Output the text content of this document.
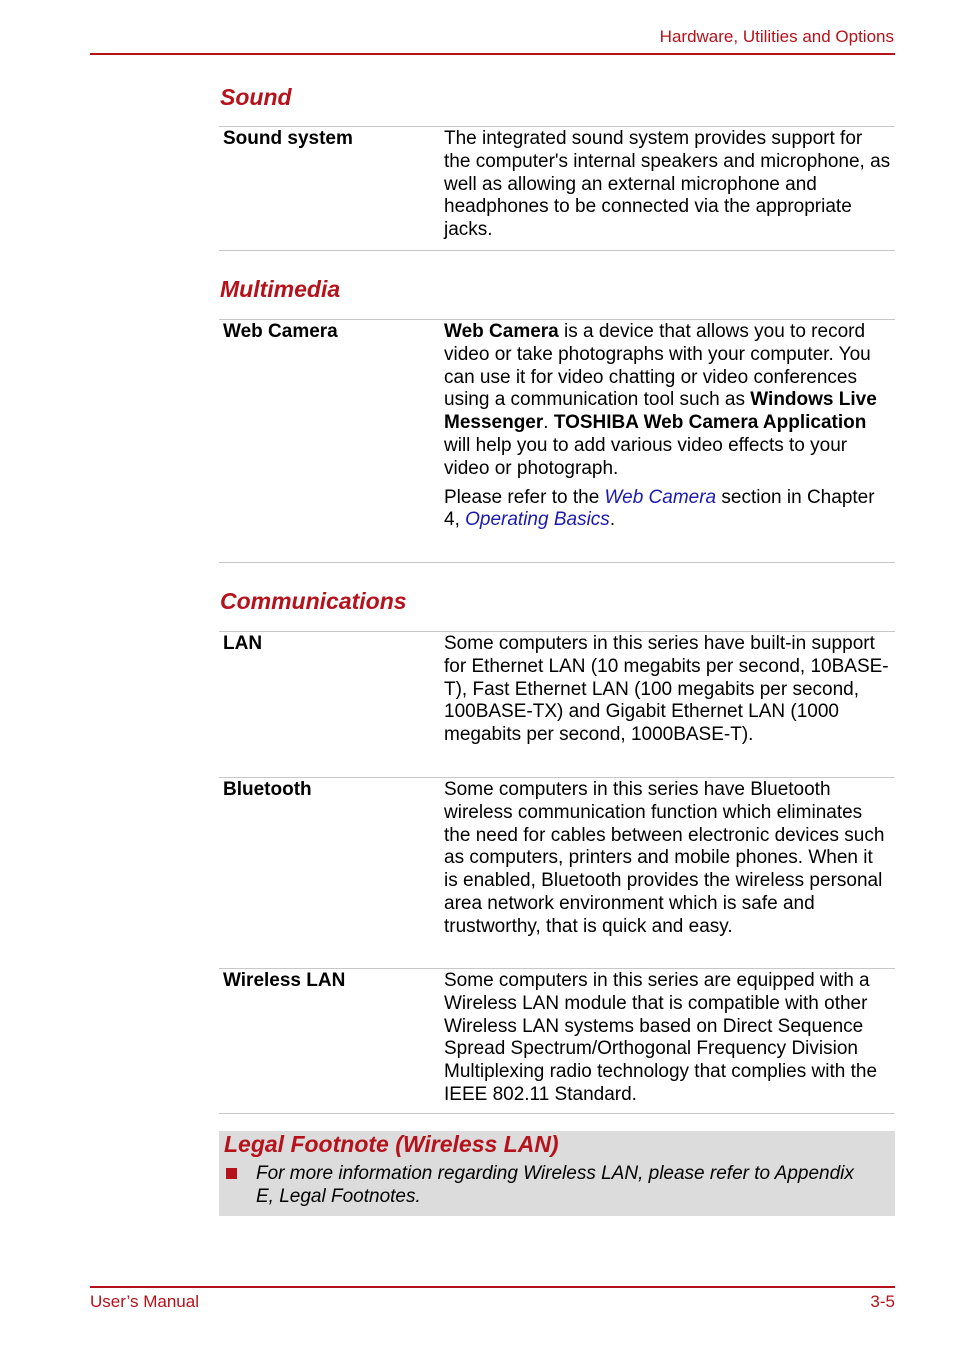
Hardware, Utilities and Options
Sound
Sound system	The integrated sound system provides support for the computer's internal speakers and microphone, as well as allowing an external microphone and headphones to be connected via the appropriate jacks.

Multimedia
Web Camera	Web Camera is a device that allows you to record video or take photographs with your computer. You can use it for video chatting or video conferences using a communication tool such as Windows Live Messenger. TOSHIBA Web Camera Application will help you to add various video effects to your video or photograph.

Please refer to the Web Camera section in Chapter 4, Operating Basics.

Communications
LAN	Some computers in this series have built-in support for Ethernet LAN (10 megabits per second, 10BASE-T), Fast Ethernet LAN (100 megabits per second, 100BASE-TX) and Gigabit Ethernet LAN (1000 megabits per second, 1000BASE-T).

Bluetooth	Some computers in this series have Bluetooth wireless communication function which eliminates the need for cables between electronic devices such as computers, printers and mobile phones. When it is enabled, Bluetooth provides the wireless personal area network environment which is safe and trustworthy, that is quick and easy.

Wireless LAN	Some computers in this series are equipped with a Wireless LAN module that is compatible with other Wireless LAN systems based on Direct Sequence Spread Spectrum/Orthogonal Frequency Division Multiplexing radio technology that complies with the IEEE 802.11 Standard.

Legal Footnote (Wireless LAN)
For more information regarding Wireless LAN, please refer to Appendix E, Legal Footnotes.
User’s Manual	3-5
